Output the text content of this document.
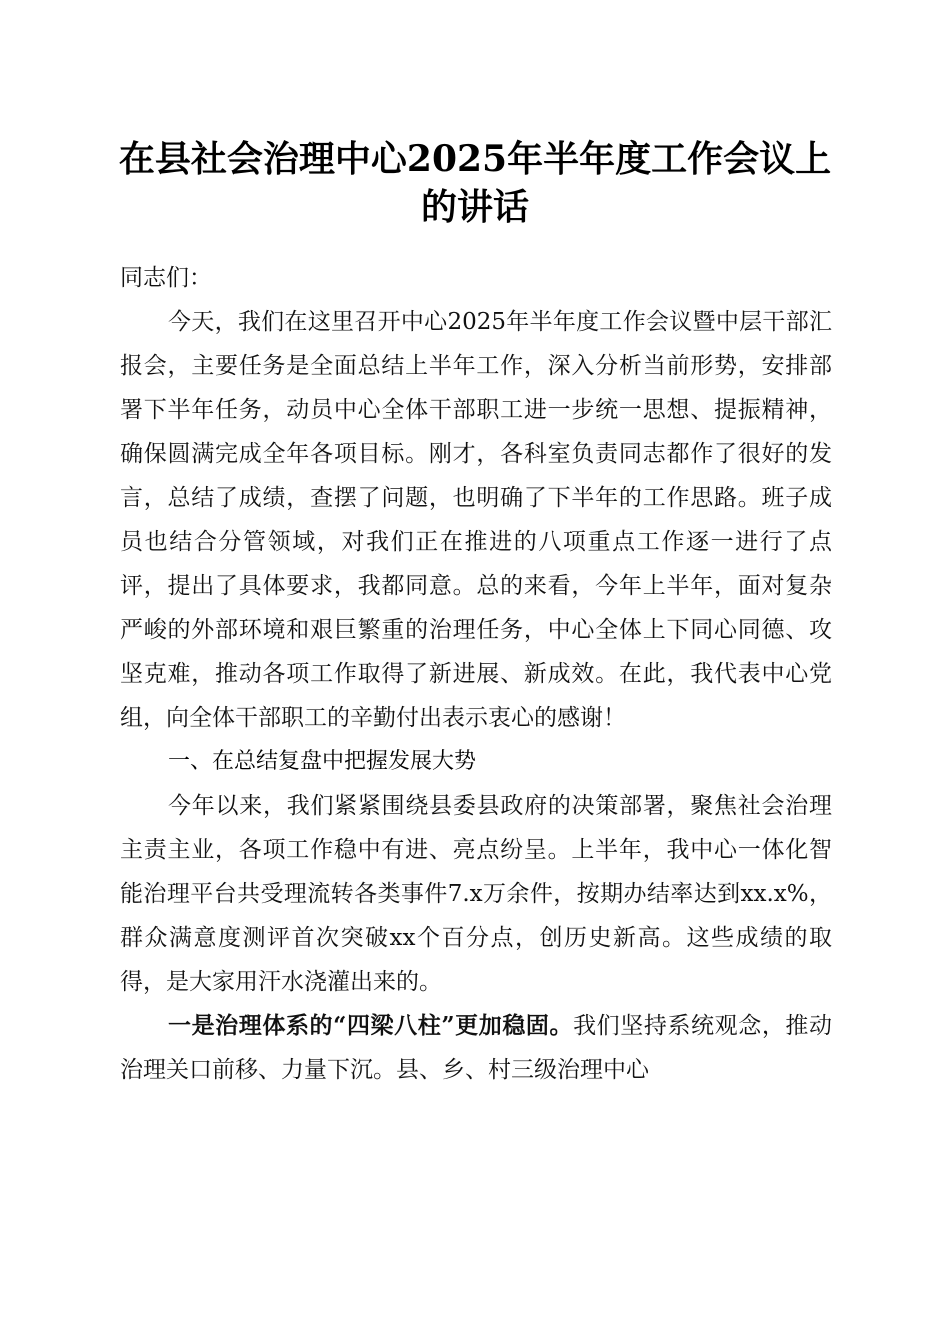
在县社会治理中心2025年半年度工作会议上
的讲话

同志们：

今天，我们在这里召开中心2025年半年度工作会议暨中层干部汇报会，主要任务是全面总结上半年工作，深入分析当前形势，安排部署下半年任务，动员中心全体干部职工进一步统一思想、提振精神，确保圆满完成全年各项目标。刚才，各科室负责同志都作了很好的发言，总结了成绩，查摆了问题，也明确了下半年的工作思路。班子成员也结合分管领域，对我们正在推进的八项重点工作逐一进行了点评，提出了具体要求，我都同意。总的来看，今年上半年，面对复杂严峻的外部环境和艰巨繁重的治理任务，中心全体上下同心同德、攻坚克难，推动各项工作取得了新进展、新成效。在此，我代表中心党组，向全体干部职工的辛勤付出表示衷心的感谢！

一、在总结复盘中把握发展大势

今年以来，我们紧紧围绕县委县政府的决策部署，聚焦社会治理主责主业，各项工作稳中有进、亮点纷呈。上半年，我中心一体化智能治理平台共受理流转各类事件7.x万余件，按期办结率达到xx.x%，群众满意度测评首次突破xx个百分点，创历史新高。这些成绩的取得，是大家用汗水浇灌出来的。

一是治理体系的“四梁八柱”更加稳固。我们坚持系统观念，推动治理关口前移、力量下沉。县、乡、村三级治理中心
